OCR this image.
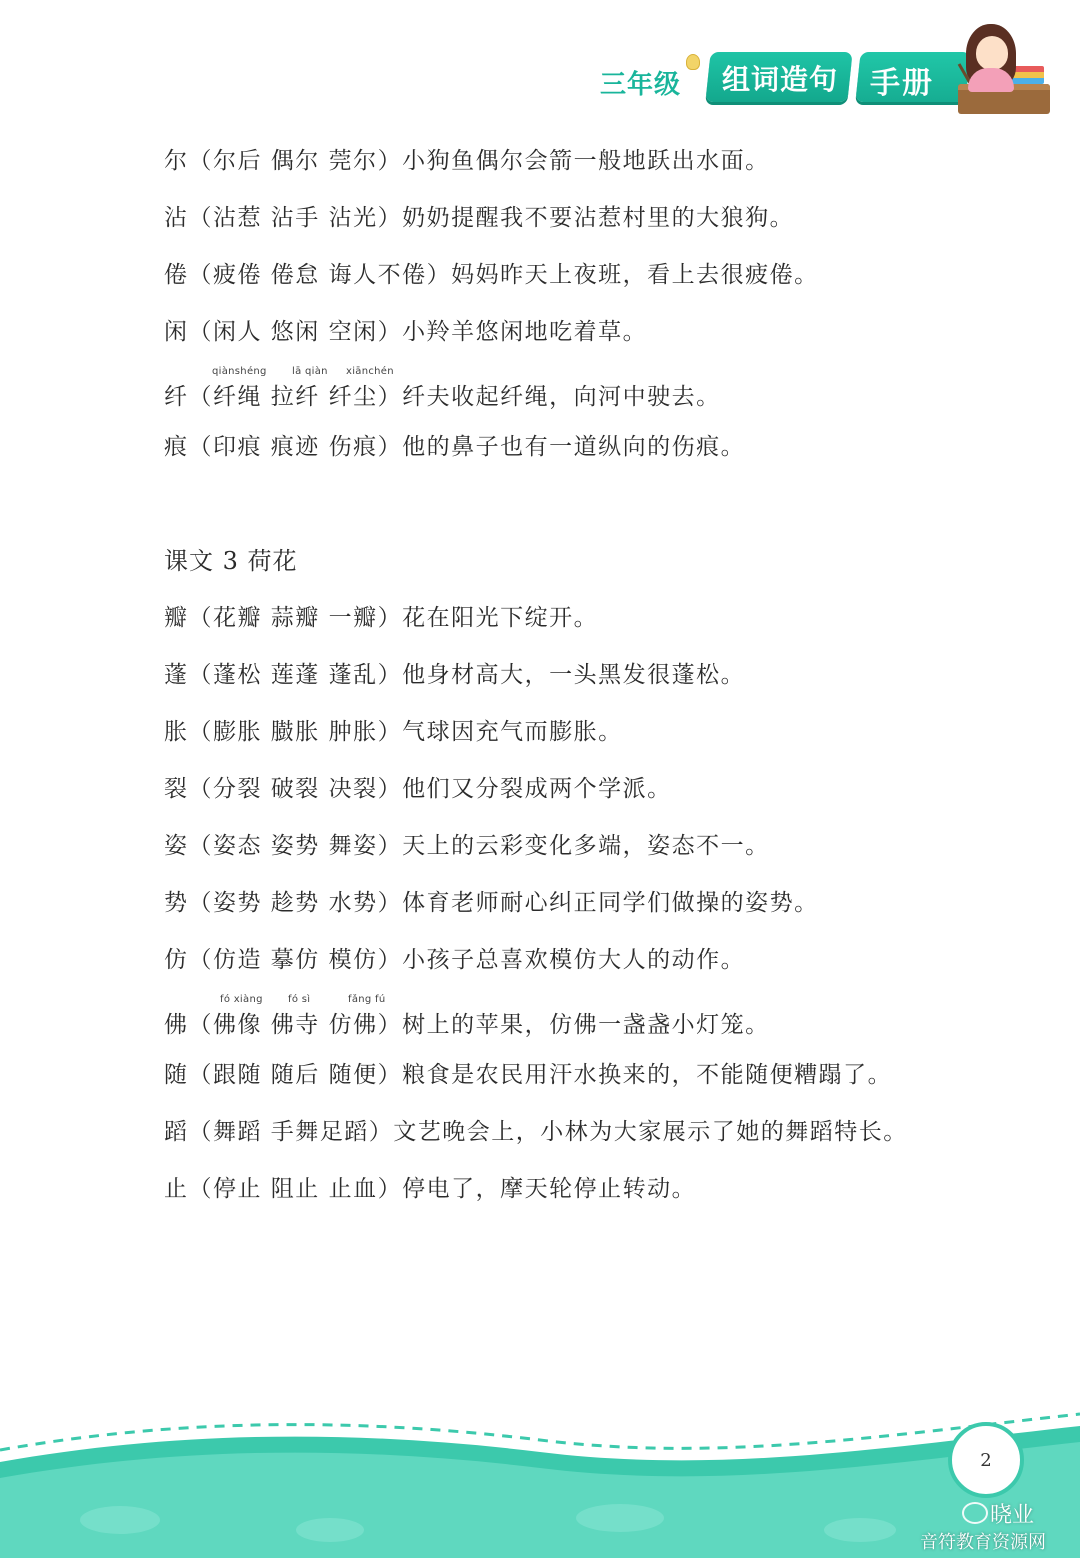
三年级 组词造句 手册
尔（尔后 偶尔 莞尔）小狗鱼偶尔会箭一般地跃出水面。
沾（沾惹 沾手 沾光）奶奶提醒我不要沾惹村里的大狼狗。
倦（疲倦 倦怠 诲人不倦）妈妈昨天上夜班，看上去很疲倦。
闲（闲人 悠闲 空闲）小羚羊悠闲地吃着草。
qiànshéng	lā qiàn xiānchén
纤（纤绳 拉纤 纤尘）纤夫收起纤绳，向河中驶去。
痕（印痕 痕迹 伤痕）他的鼻子也有一道纵向的伤痕。
课文 3 荷花
瓣（花瓣 蒜瓣 一瓣）花在阳光下绽开。
蓬（蓬松 莲蓬 蓬乱）他身材高大，一头黑发很蓬松。
胀（膨胀 臌胀 肿胀）气球因充气而膨胀。
裂（分裂 破裂 决裂）他们又分裂成两个学派。
姿（姿态 姿势 舞姿）天上的云彩变化多端，姿态不一。
势（姿势 趁势 水势）体育老师耐心纠正同学们做操的姿势。
仿（仿造 摹仿 模仿）小孩子总喜欢模仿大人的动作。
fó xiàng	fó sì	fǎng fú
佛（佛像 佛寺 仿佛）树上的苹果，仿佛一盏盏小灯笼。
随（跟随 随后 随便）粮食是农民用汗水换来的，不能随便糟蹋了。
蹈（舞蹈 手舞足蹈）文艺晚会上，小林为大家展示了她的舞蹈特长。
止（停止 阻止 止血）停电了，摩天轮停止转动。
2
晓业
音符教育资源网
